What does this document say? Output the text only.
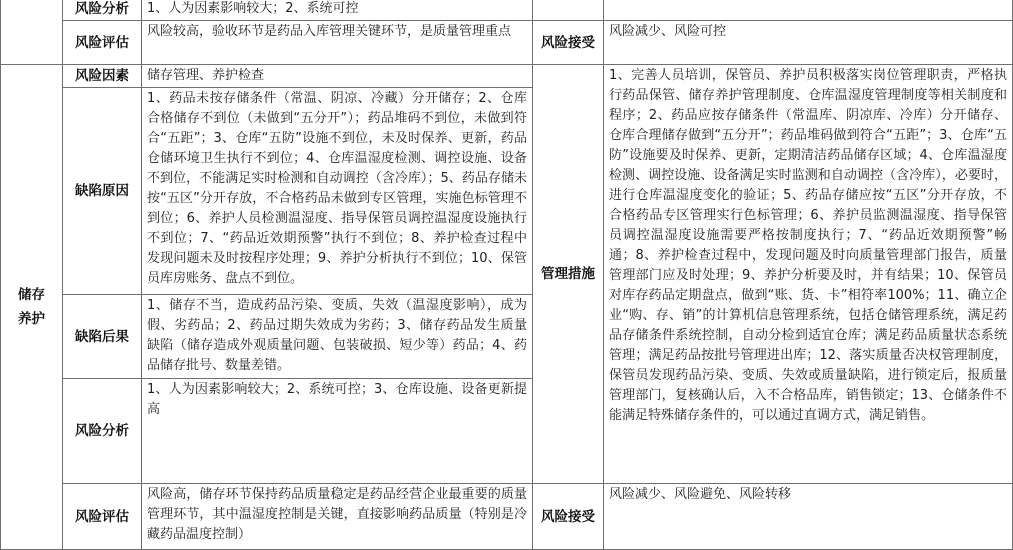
	风险分析	1、人为因素影响较大；2、系统可控		
	风险评估	风险较高，验收环节是药品入库管理关键环节，是质量管理重点	风险接受	风险减少、风险可控

储存
养护	风险因素	储存管理、养护检查	管理措施	1、完善人员培训，保管员、养护员积极落实岗位管理职责，严格执行药品保管、储存养护管理制度、仓库温湿度管理制度等相关制度和程序；2、药品应按存储条件（常温库、阴凉库、冷库）分开储存、仓库合理储存做到“五分开”；药品堆码做到符合“五距”；3、仓库“五防”设施要及时保养、更新，定期清洁药品储存区域；4、仓库温湿度检测、调控设施、设备满足实时监测和自动调控（含冷库），必要时，进行仓库温湿度变化的验证；5、药品存储应按“五区”分开存放，不合格药品专区管理实行色标管理；6、养护员监测温湿度、指导保管员调控温湿度设施需要严格按制度执行；7、“药品近效期预警”畅通；8、养护检查过程中，发现问题及时向质量管理部门报告，质量管理部门应及时处理；9、养护分析要及时，并有结果；10、保管员对库存药品定期盘点，做到“账、货、卡”相符率100%；11、确立企业“购、存、销”的计算机信息管理系统，包括仓储管理系统，满足药品存储条件系统控制，自动分检到适宜仓库；满足药品质量状态系统管理；满足药品按批号管理进出库；12、落实质量否决权管理制度，保管员发现药品污染、变质、失效或质量缺陷，进行锁定后，报质量管理部门，复核确认后，入不合格品库，销售锁定；13、仓储条件不能满足特殊储存条件的，可以通过直调方式，满足销售。
	缺陷原因	1、药品未按存储条件（常温、阴凉、冷藏）分开储存；2、仓库合格储存不到位（未做到“五分开”）；药品堆码不到位，未做到符合“五距”；3、仓库“五防”设施不到位，未及时保养、更新，药品仓储环境卫生执行不到位；4、仓库温湿度检测、调控设施、设备不到位，不能满足实时检测和自动调控（含冷库）；5、药品存储未按“五区”分开存放，不合格药品未做到专区管理，实施色标管理不到位；6、养护人员检测温湿度、指导保管员调控温湿度设施执行不到位；7、“药品近效期预警”执行不到位；8、养护检查过程中发现问题未及时按程序处理；9、养护分析执行不到位；10、保管员库房账务、盘点不到位。		
	缺陷后果	1、储存不当，造成药品污染、变质、失效（温湿度影响），成为假、劣药品；2、药品过期失效成为劣药；3、储存药品发生质量缺陷（储存造成外观质量问题、包装破损、短少等）药品；4、药品储存批号、数量差错。		
	风险分析	1、人为因素影响较大；2、系统可控；3、仓库设施、设备更新提高		
	风险评估	风险高，储存环节保持药品质量稳定是药品经营企业最重要的质量管理环节，其中温湿度控制是关键，直接影响药品质量（特别是冷藏药品温度控制）	风险接受	风险减少、风险避免、风险转移
